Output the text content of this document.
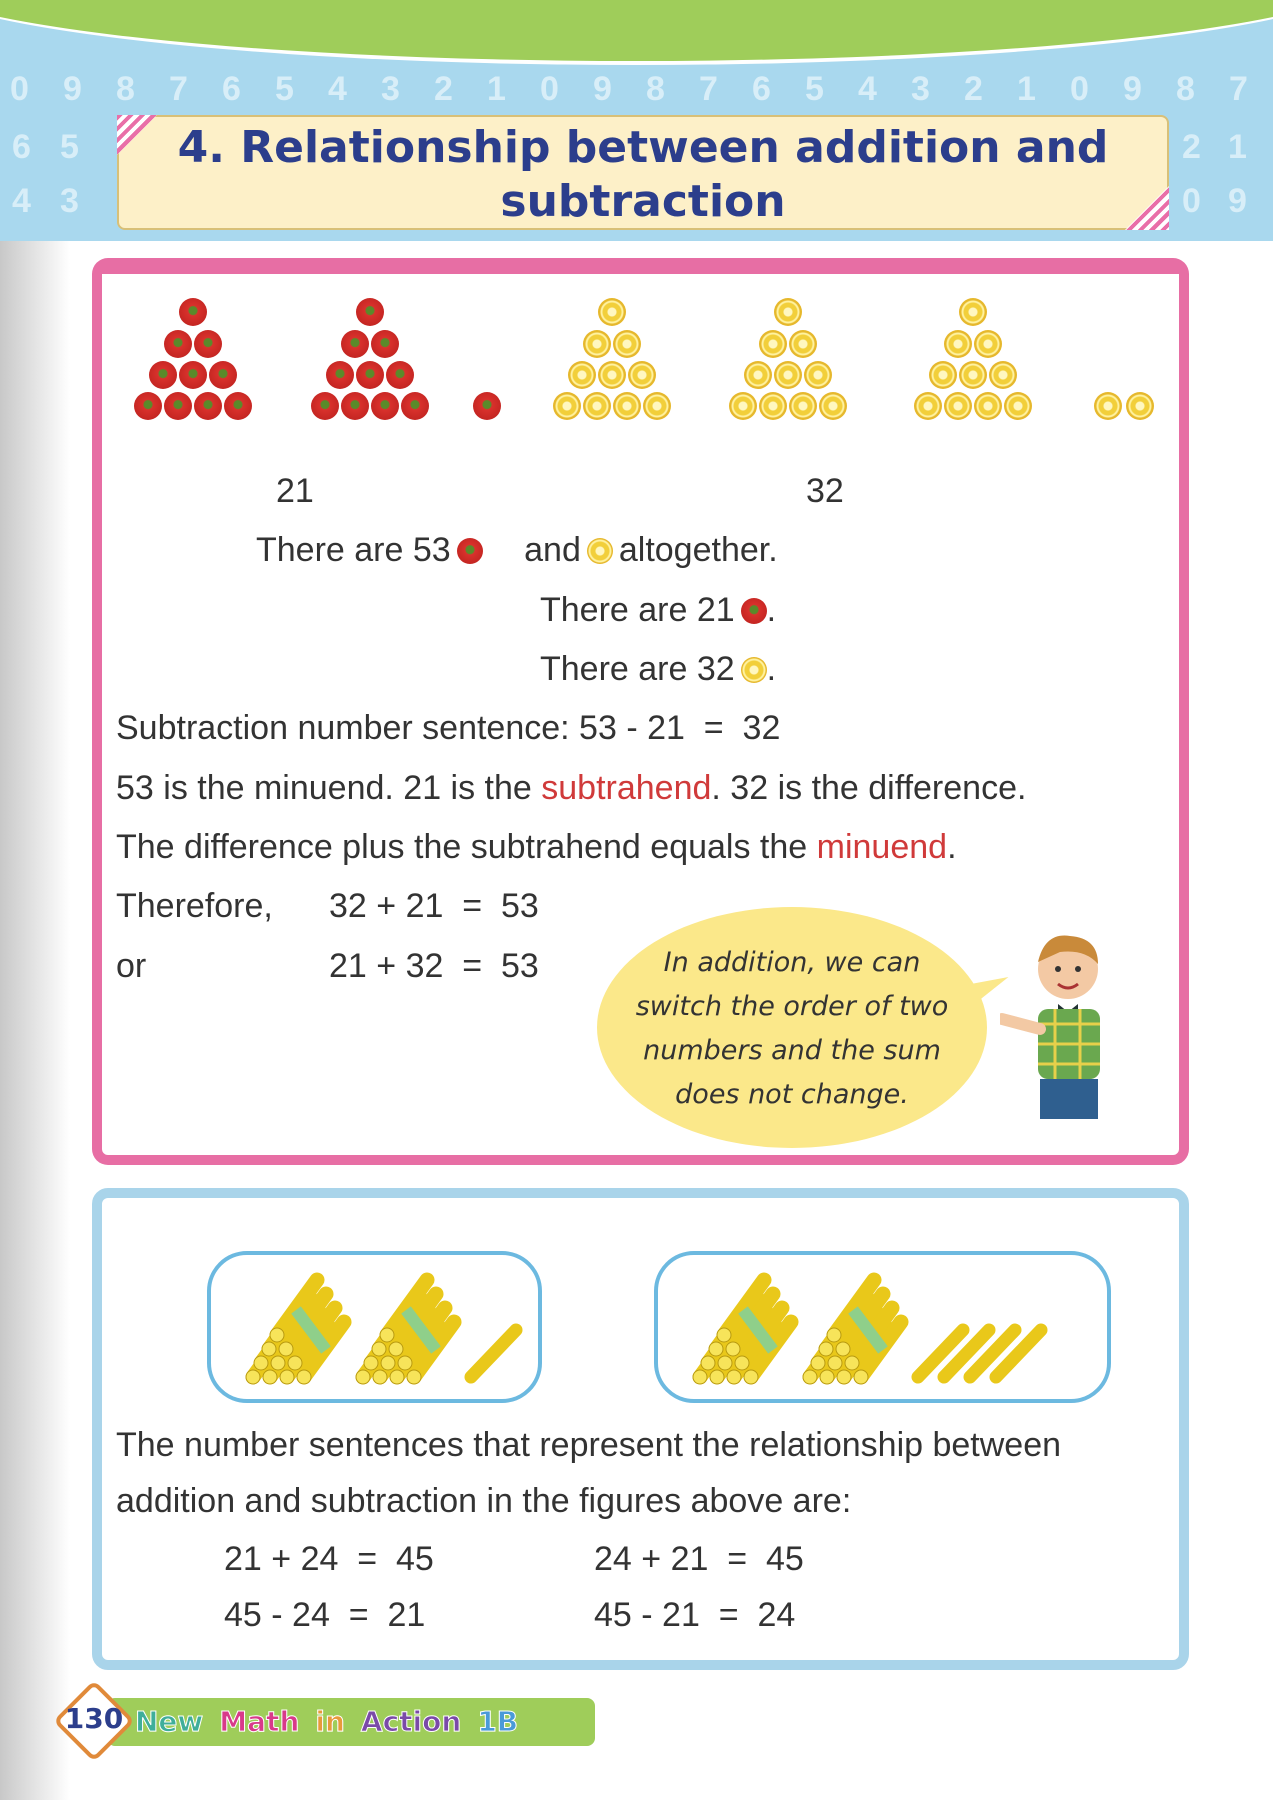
0 9 8 7 6 5 4 3 2 1 0 9 8 7 6 5 4 3 2 1 0 9 8 7
6 5
4 3
2 1
0 9
4. Relationship between addition and
subtraction
21	32
There are 53 and altogether.
There are 21 .
There are 32 .
Subtraction number sentence: 53 - 21  =  32
53 is the minuend. 21 is the subtrahend. 32 is the difference.
The difference plus the subtrahend equals the minuend.
Therefore, 32 + 21  =  53
or	21 + 32  =  53	In addition, we can
switch the order of two
numbers and the sum
does not change.
The number sentences that represent the relationship between
addition and subtraction in the figures above are:
21 + 24  =  45	24 + 21  =  45
45 - 24  =  21	45 - 21  =  24
New Math in Action 1B
130
